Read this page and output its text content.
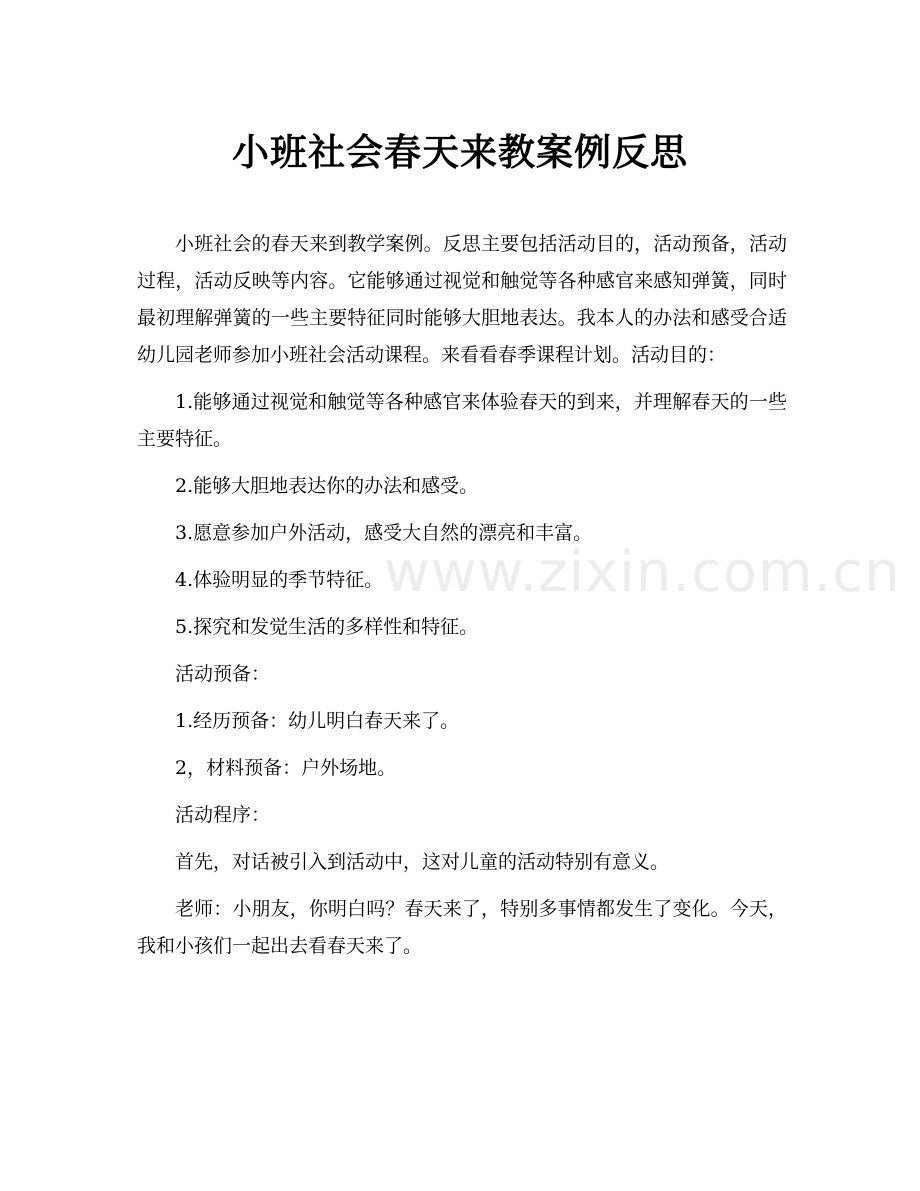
小班社会春天来教案例反思

小班社会的春天来到教学案例。反思主要包括活动目的，活动预备，活动过程，活动反映等内容。它能够通过视觉和触觉等各种感官来感知弹簧，同时最初理解弹簧的一些主要特征同时能够大胆地表达。我本人的办法和感受合适幼儿园老师参加小班社会活动课程。来看看春季课程计划。活动目的：

1.能够通过视觉和触觉等各种感官来体验春天的到来，并理解春天的一些主要特征。

2.能够大胆地表达你的办法和感受。

3.愿意参加户外活动，感受大自然的漂亮和丰富。

4.体验明显的季节特征。

5.探究和发觉生活的多样性和特征。

活动预备：

1.经历预备：幼儿明白春天来了。

2，材料预备：户外场地。

活动程序：

首先，对话被引入到活动中，这对儿童的活动特别有意义。

老师：小朋友，你明白吗？春天来了，特别多事情都发生了变化。今天，我和小孩们一起出去看春天来了。

www.zixin.com.cn
